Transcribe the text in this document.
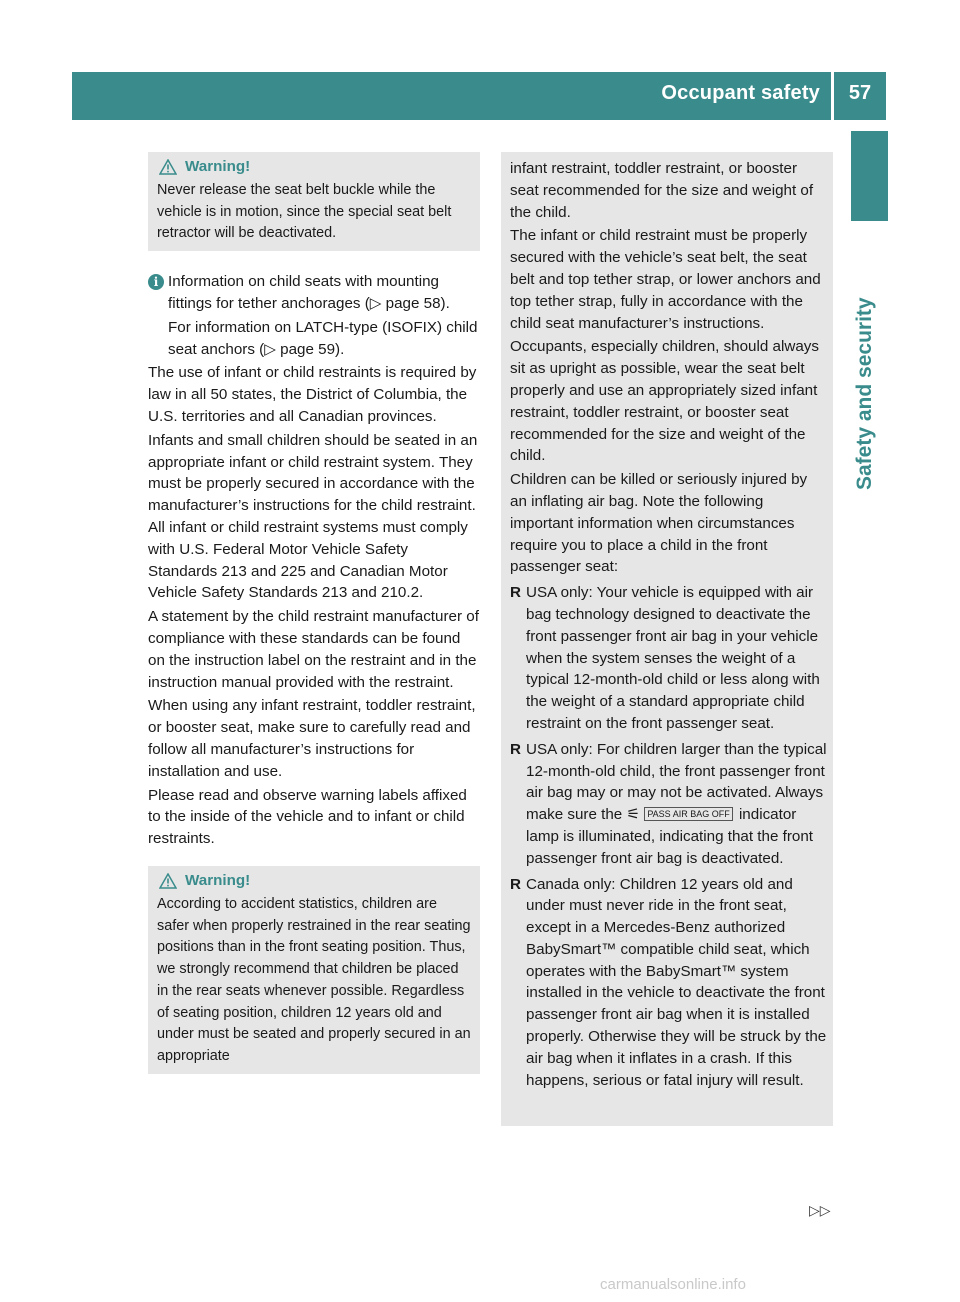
Occupant safety	57
Safety and security
Warning!
Never release the seat belt buckle while the vehicle is in motion, since the special seat belt retractor will be deactivated.
i Information on child seats with mounting fittings for tether anchorages (▷ page 58).

For information on LATCH-type (ISOFIX) child seat anchors (▷ page 59).

The use of infant or child restraints is required by law in all 50 states, the District of Columbia, the U.S. territories and all Canadian provinces.

Infants and small children should be seated in an appropriate infant or child restraint system. They must be properly secured in accordance with the manufacturer’s instructions for the child restraint. All infant or child restraint systems must comply with U.S. Federal Motor Vehicle Safety Standards 213 and 225 and Canadian Motor Vehicle Safety Standards 213 and 210.2.

A statement by the child restraint manufacturer of compliance with these standards can be found on the instruction label on the restraint and in the instruction manual provided with the restraint.

When using any infant restraint, toddler restraint, or booster seat, make sure to carefully read and follow all manufacturer’s instructions for installation and use.

Please read and observe warning labels affixed to the inside of the vehicle and to infant or child restraints.

Warning!
According to accident statistics, children are safer when properly restrained in the rear seating positions than in the front seating position. Thus, we strongly recommend that children be placed in the rear seats whenever possible. Regardless of seating position, children 12 years old and under must be seated and properly secured in an appropriate

infant restraint, toddler restraint, or booster seat recommended for the size and weight of the child.

The infant or child restraint must be properly secured with the vehicle’s seat belt, the seat belt and top tether strap, or lower anchors and top tether strap, fully in accordance with the child seat manufacturer’s instructions.

Occupants, especially children, should always sit as upright as possible, wear the seat belt properly and use an appropriately sized infant restraint, toddler restraint, or booster seat recommended for the size and weight of the child.

Children can be killed or seriously injured by an inflating air bag. Note the following important information when circumstances require you to place a child in the front passenger seat:

R USA only: Your vehicle is equipped with air bag technology designed to deactivate the front passenger front air bag in your vehicle when the system senses the weight of a typical 12-month-old child or less along with the weight of a standard appropriate child restraint on the front passenger seat.
R USA only: For children larger than the typical 12-month-old child, the front passenger front air bag may or may not be activated. Always make sure the ⚟ PASS AIR BAG OFF indicator lamp is illuminated, indicating that the front passenger front air bag is deactivated.
R Canada only: Children 12 years old and under must never ride in the front seat, except in a Mercedes-Benz authorized BabySmart™ compatible child seat, which operates with the BabySmart™ system installed in the vehicle to deactivate the front passenger front air bag when it is installed properly. Otherwise they will be struck by the air bag when it inflates in a crash. If this happens, serious or fatal injury will result.
▷▷
carmanualsonline.info
